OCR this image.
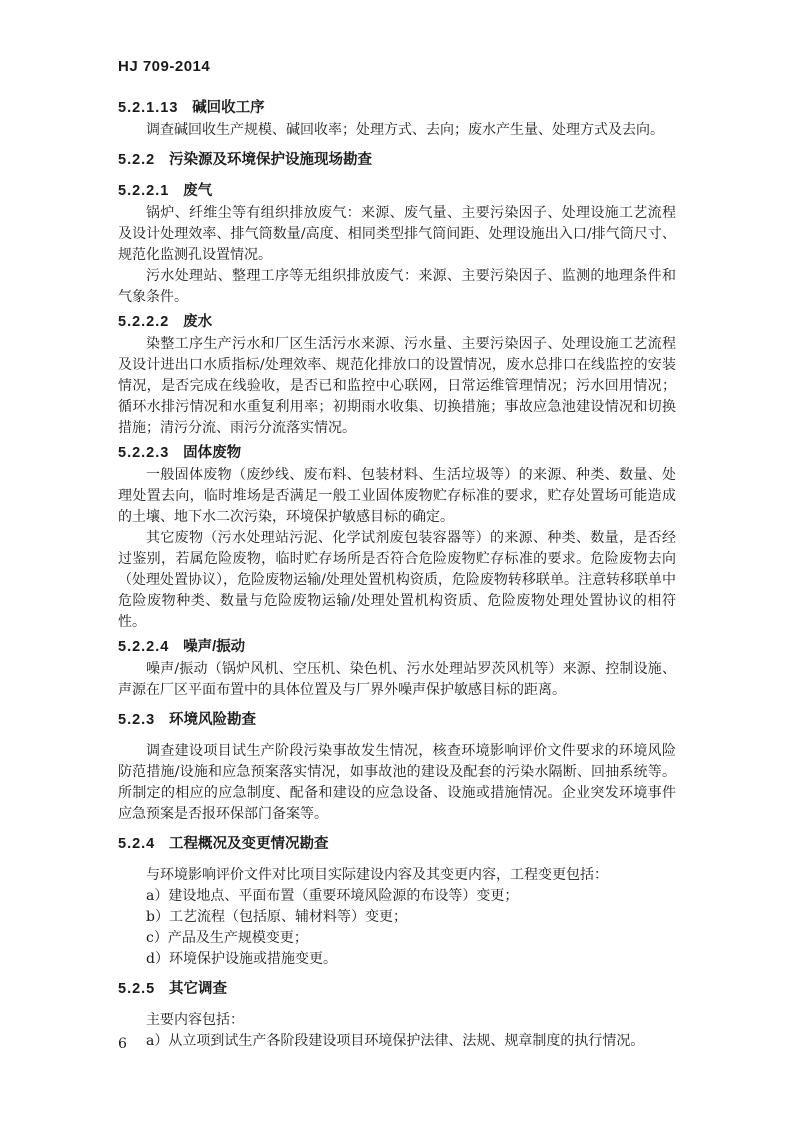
HJ 709-2014
5.2.1.13 碱回收工序

调查碱回收生产规模、碱回收率；处理方式、去向；废水产生量、处理方式及去向。

5.2.2 污染源及环境保护设施现场勘查
5.2.2.1 废气

锅炉、纤维尘等有组织排放废气：来源、废气量、主要污染因子、处理设施工艺流程及设计处理效率、排气筒数量/高度、相同类型排气筒间距、处理设施出入口/排气筒尺寸、规范化监测孔设置情况。

污水处理站、整理工序等无组织排放废气：来源、主要污染因子、监测的地理条件和气象条件。

5.2.2.2 废水

染整工序生产污水和厂区生活污水来源、污水量、主要污染因子、处理设施工艺流程及设计进出口水质指标/处理效率、规范化排放口的设置情况，废水总排口在线监控的安装情况，是否完成在线验收，是否已和监控中心联网，日常运维管理情况；污水回用情况；循环水排污情况和水重复利用率；初期雨水收集、切换措施；事故应急池建设情况和切换措施；清污分流、雨污分流落实情况。

5.2.2.3 固体废物

一般固体废物（废纱线、废布料、包装材料、生活垃圾等）的来源、种类、数量、处理处置去向，临时堆场是否满足一般工业固体废物贮存标准的要求，贮存处置场可能造成的土壤、地下水二次污染，环境保护敏感目标的确定。

其它废物（污水处理站污泥、化学试剂废包装容器等）的来源、种类、数量，是否经过鉴别，若属危险废物，临时贮存场所是否符合危险废物贮存标准的要求。危险废物去向（处理处置协议），危险废物运输/处理处置机构资质，危险废物转移联单。注意转移联单中危险废物种类、数量与危险废物运输/处理处置机构资质、危险废物处理处置协议的相符性。

5.2.2.4 噪声/振动

噪声/振动（锅炉风机、空压机、染色机、污水处理站罗茨风机等）来源、控制设施、声源在厂区平面布置中的具体位置及与厂界外噪声保护敏感目标的距离。

5.2.3 环境风险勘查

调查建设项目试生产阶段污染事故发生情况，核查环境影响评价文件要求的环境风险防范措施/设施和应急预案落实情况，如事故池的建设及配套的污染水隔断、回抽系统等。所制定的相应的应急制度、配备和建设的应急设备、设施或措施情况。企业突发环境事件应急预案是否报环保部门备案等。

5.2.4 工程概况及变更情况勘查

与环境影响评价文件对比项目实际建设内容及其变更内容，工程变更包括：

a）建设地点、平面布置（重要环境风险源的布设等）变更；

b）工艺流程（包括原、辅材料等）变更；

c）产品及生产规模变更；

d）环境保护设施或措施变更。

5.2.5 其它调查

主要内容包括：

a）从立项到试生产各阶段建设项目环境保护法律、法规、规章制度的执行情况。

6
